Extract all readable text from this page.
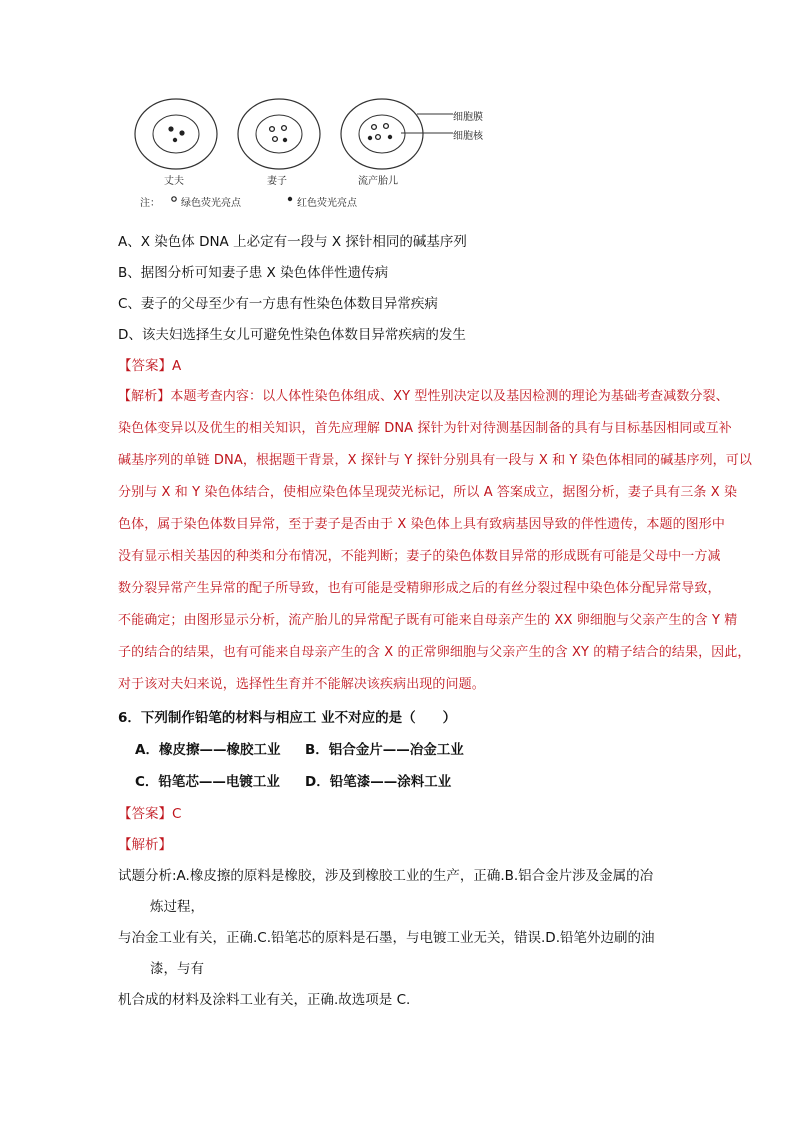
细胞膜
细胞核
丈夫	妻子	流产胎儿
注： 绿色荧光亮点	红色荧光亮点
A、X 染色体 DNA 上必定有一段与 X 探针相同的碱基序列
B、据图分析可知妻子患 X 染色体伴性遗传病
C、妻子的父母至少有一方患有性染色体数目异常疾病
D、该夫妇选择生女儿可避免性染色体数目异常疾病的发生
【答案】A
【解析】本题考查内容：以人体性染色体组成、XY 型性别决定以及基因检测的理论为基础考查减数分裂、
染色体变异以及优生的相关知识，首先应理解 DNA 探针为针对待测基因制备的具有与目标基因相同或互补
碱基序列的单链 DNA，根据题干背景，X 探针与 Y 探针分别具有一段与 X 和 Y 染色体相同的碱基序列，可以
分别与 X 和 Y 染色体结合，使相应染色体呈现荧光标记，所以 A 答案成立，据图分析，妻子具有三条 X 染
色体，属于染色体数目异常，至于妻子是否由于 X 染色体上具有致病基因导致的伴性遗传，本题的图形中
没有显示相关基因的种类和分布情况，不能判断；妻子的染色体数目异常的形成既有可能是父母中一方减
数分裂异常产生异常的配子所导致，也有可能是受精卵形成之后的有丝分裂过程中染色体分配异常导致，
不能确定；由图形显示分析，流产胎儿的异常配子既有可能来自母亲产生的 XX 卵细胞与父亲产生的含 Y 精
子的结合的结果，也有可能来自母亲产生的含 X 的正常卵细胞与父亲产生的含 XY 的精子结合的结果，因此，
对于该对夫妇来说，选择性生育并不能解决该疾病出现的问题。
6．下列制作铅笔的材料与相应工 业不对应的是（　　）
A．橡皮擦——橡胶工业 B．铝合金片——冶金工业
C．铅笔芯——电镀工业 D．铅笔漆——涂料工业
【答案】C
【解析】
试题分析:A.橡皮擦的原料是橡胶，涉及到橡胶工业的生产，正确.B.铝合金片涉及金属的冶
炼过程，
与冶金工业有关，正确.C.铅笔芯的原料是石墨，与电镀工业无关，错误.D.铅笔外边刷的油
漆，与有
机合成的材料及涂料工业有关，正确.故选项是 C.
